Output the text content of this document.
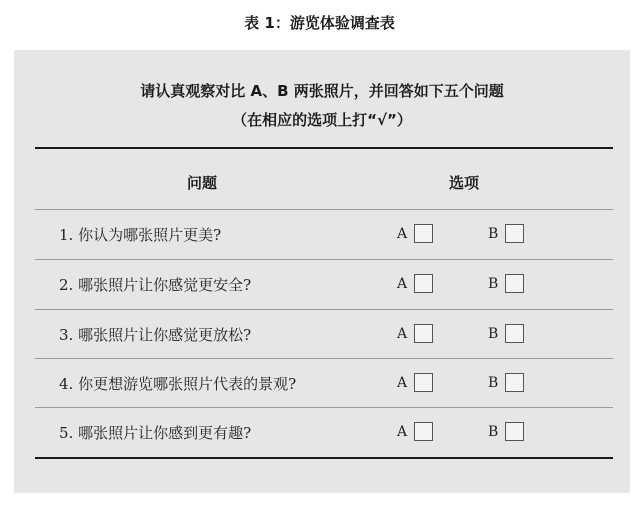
表 1：游览体验调查表
请认真观察对比 A、B 两张照片，并回答如下五个问题
（在相应的选项上打“√”）
问题	选项
1. 你认为哪张照片更美?	A	B
2. 哪张照片让你感觉更安全?	A	B
3. 哪张照片让你感觉更放松?	A	B
4. 你更想游览哪张照片代表的景观?	A	B
5. 哪张照片让你感到更有趣?	A	B
